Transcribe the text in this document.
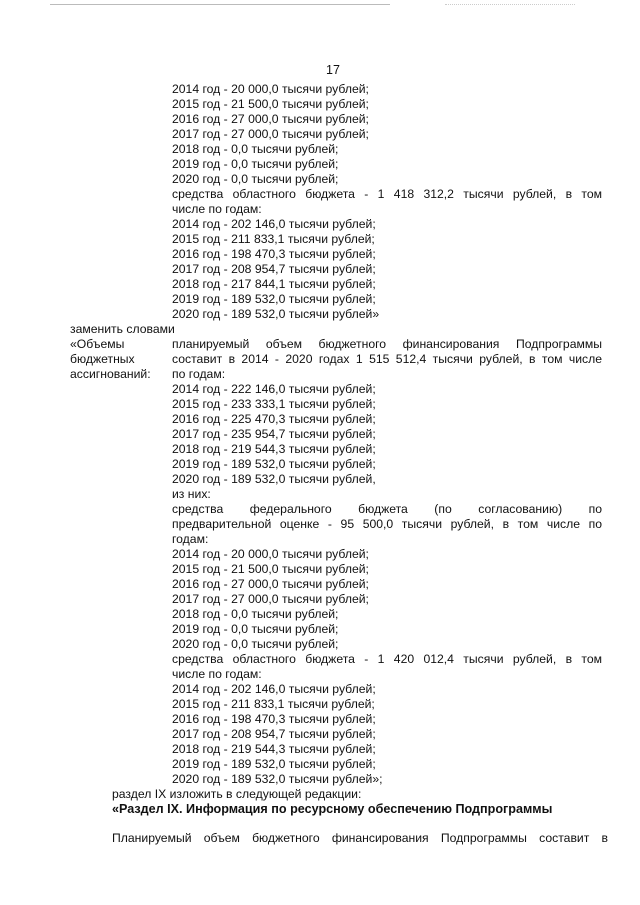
17
2014 год - 20 000,0 тысячи рублей;
2015 год - 21 500,0 тысячи рублей;
2016 год - 27 000,0 тысячи рублей;
2017 год - 27 000,0 тысячи рублей;
2018 год - 0,0 тысячи рублей;
2019 год - 0,0 тысячи рублей;
2020 год - 0,0 тысячи рублей;
средства областного бюджета - 1 418 312,2 тысячи рублей, в том
числе по годам:
2014 год - 202 146,0 тысячи рублей;
2015 год - 211 833,1 тысячи рублей;
2016 год - 198 470,3 тысячи рублей;
2017 год - 208 954,7 тысячи рублей;
2018 год - 217 844,1 тысячи рублей;
2019 год - 189 532,0 тысячи рублей;
2020 год - 189 532,0 тысячи рублей»
заменить словами
«Объемы
бюджетных
ассигнований:
планируемый объем бюджетного финансирования Подпрограммы
составит в 2014 - 2020 годах 1 515 512,4 тысячи рублей, в том числе
по годам:
2014 год - 222 146,0 тысячи рублей;
2015 год - 233 333,1 тысячи рублей;
2016 год - 225 470,3 тысячи рублей;
2017 год - 235 954,7 тысячи рублей;
2018 год - 219 544,3 тысячи рублей;
2019 год - 189 532,0 тысячи рублей;
2020 год - 189 532,0 тысячи рублей,
из них:
средства федерального бюджета (по согласованию) по
предварительной оценке - 95 500,0 тысячи рублей, в том числе по
годам:
2014 год - 20 000,0 тысячи рублей;
2015 год - 21 500,0 тысячи рублей;
2016 год - 27 000,0 тысячи рублей;
2017 год - 27 000,0 тысячи рублей;
2018 год - 0,0 тысячи рублей;
2019 год - 0,0 тысячи рублей;
2020 год - 0,0 тысячи рублей;
средства областного бюджета - 1 420 012,4 тысячи рублей, в том
числе по годам:
2014 год - 202 146,0 тысячи рублей;
2015 год - 211 833,1 тысячи рублей;
2016 год - 198 470,3 тысячи рублей;
2017 год - 208 954,7 тысячи рублей;
2018 год - 219 544,3 тысячи рублей;
2019 год - 189 532,0 тысячи рублей;
2020 год - 189 532,0 тысячи рублей»;
раздел IX изложить в следующей редакции:
«Раздел IX. Информация по ресурсному обеспечению Подпрограммы
Планируемый объем бюджетного финансирования Подпрограммы составит в
